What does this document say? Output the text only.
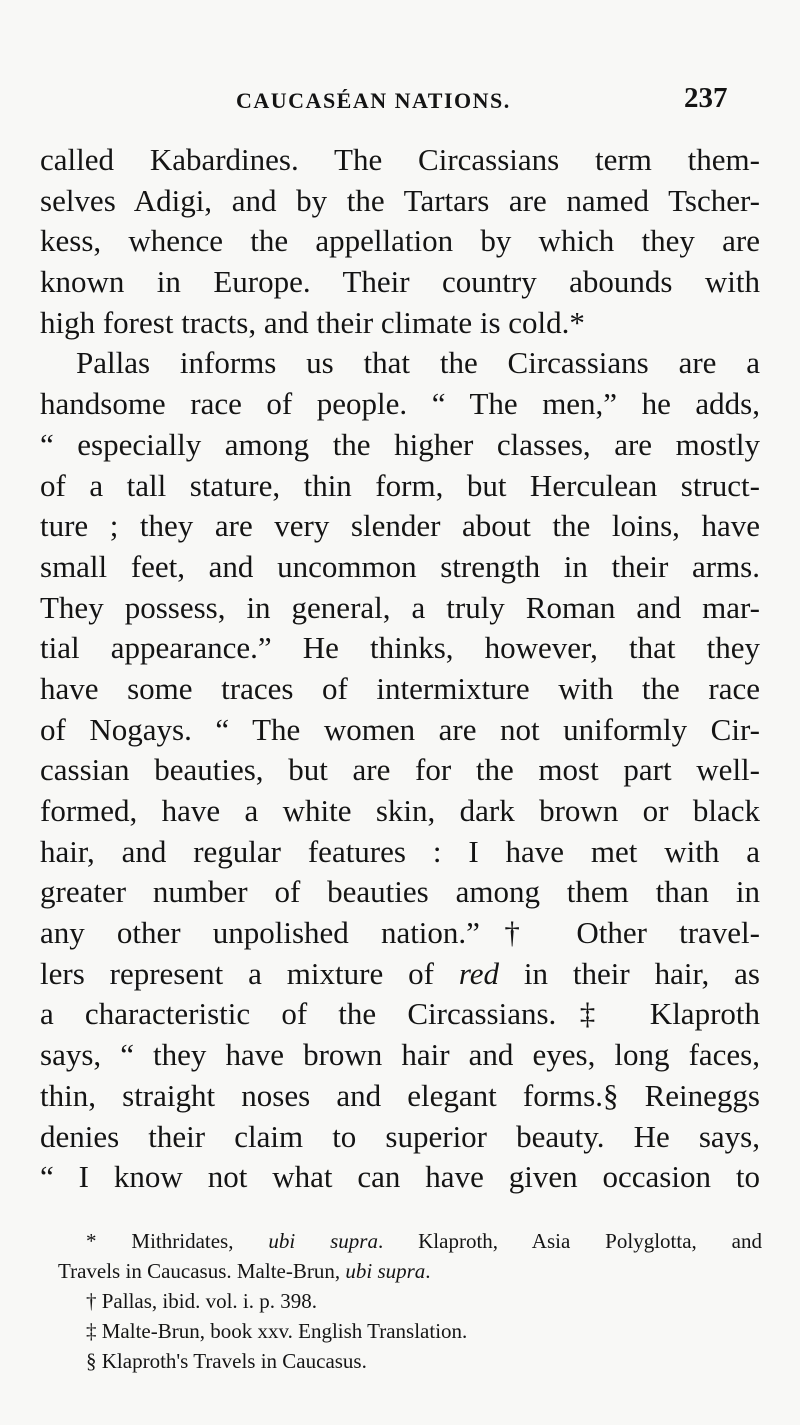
CAUCASÉAN NATIONS.	237
called Kabardines. The Circassians term them-
selves Adigi, and by the Tartars are named Tscher-
kess, whence the appellation by which they are
known in Europe. Their country abounds with
high forest tracts, and their climate is cold.*
Pallas informs us that the Circassians are a
handsome race of people. “ The men,” he adds,
“ especially among the higher classes, are mostly
of a tall stature, thin form, but Herculean struct-
ture ; they are very slender about the loins, have
small feet, and uncommon strength in their arms.
They possess, in general, a truly Roman and mar-
tial appearance.” He thinks, however, that they
have some traces of intermixture with the race
of Nogays. “ The women are not uniformly Cir-
cassian beauties, but are for the most part well-
formed, have a white skin, dark brown or black
hair, and regular features : I have met with a
greater number of beauties among them than in
any other unpolished nation.”† Other travel-
lers represent a mixture of red in their hair, as
a characteristic of the Circassians.‡ Klaproth
says, “ they have brown hair and eyes, long faces,
thin, straight noses and elegant forms.§ Reineggs
denies their claim to superior beauty. He says,
“ I know not what can have given occasion to
* Mithridates, ubi supra. Klaproth, Asia Polyglotta, and
Travels in Caucasus. Malte-Brun, ubi supra.
† Pallas, ibid. vol. i. p. 398.
‡ Malte-Brun, book xxv. English Translation.
§ Klaproth's Travels in Caucasus.
